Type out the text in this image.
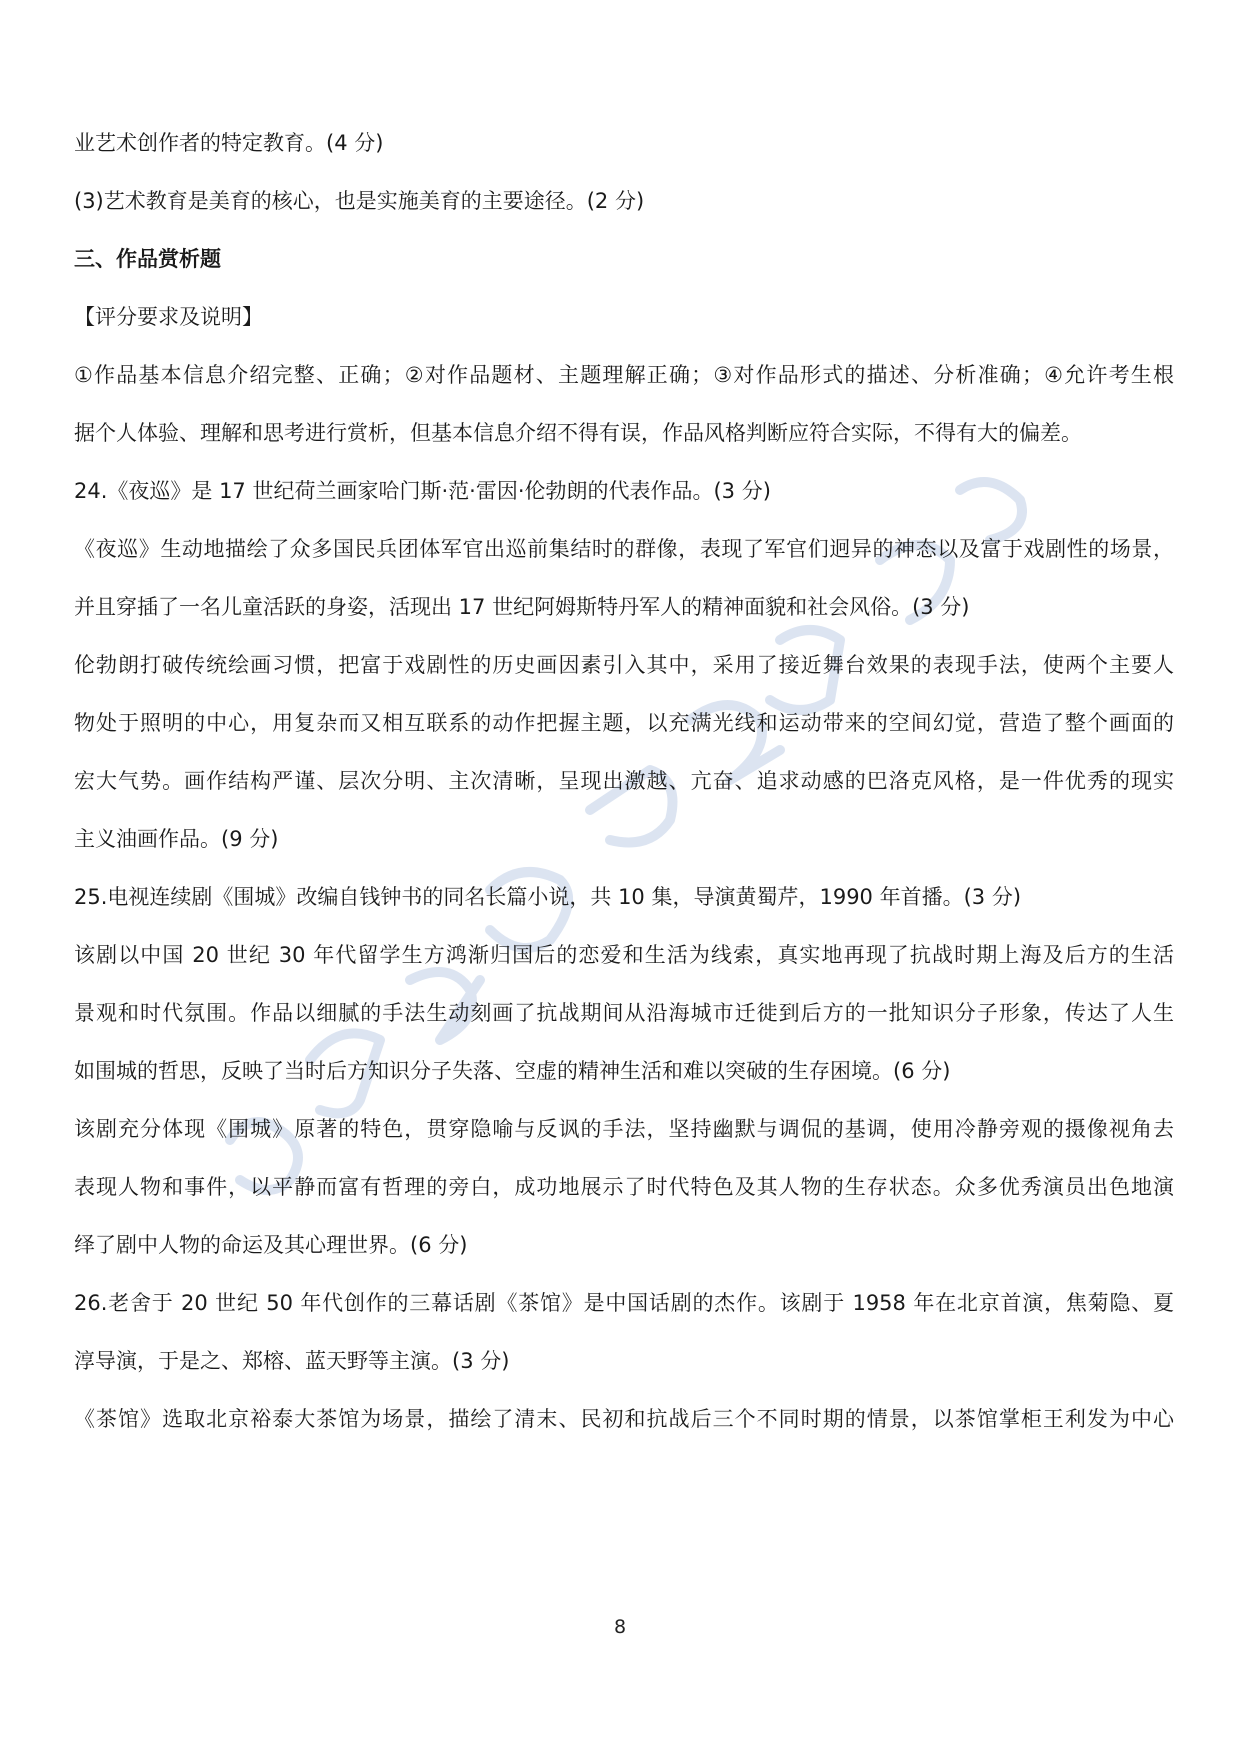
业艺术创作者的特定教育。(4 分)
(3)艺术教育是美育的核心，也是实施美育的主要途径。(2 分)
三、作品赏析题
【评分要求及说明】
①作品基本信息介绍完整、正确；②对作品题材、主题理解正确；③对作品形式的描述、分析准确；④允许考生根
据个人体验、理解和思考进行赏析，但基本信息介绍不得有误，作品风格判断应符合实际，不得有大的偏差。
24.《夜巡》是 17 世纪荷兰画家哈门斯·范·雷因·伦勃朗的代表作品。(3 分)
《夜巡》生动地描绘了众多国民兵团体军官出巡前集结时的群像，表现了军官们迥异的神态以及富于戏剧性的场景，
并且穿插了一名儿童活跃的身姿，活现出 17 世纪阿姆斯特丹军人的精神面貌和社会风俗。(3 分)
伦勃朗打破传统绘画习惯，把富于戏剧性的历史画因素引入其中，采用了接近舞台效果的表现手法，使两个主要人
物处于照明的中心，用复杂而又相互联系的动作把握主题，以充满光线和运动带来的空间幻觉，营造了整个画面的
宏大气势。画作结构严谨、层次分明、主次清晰，呈现出激越、亢奋、追求动感的巴洛克风格，是一件优秀的现实
主义油画作品。(9 分)
25.电视连续剧《围城》改编自钱钟书的同名长篇小说，共 10 集，导演黄蜀芹，1990 年首播。(3 分)
该剧以中国 20 世纪 30 年代留学生方鸿渐归国后的恋爱和生活为线索，真实地再现了抗战时期上海及后方的生活
景观和时代氛围。作品以细腻的手法生动刻画了抗战期间从沿海城市迁徙到后方的一批知识分子形象，传达了人生
如围城的哲思，反映了当时后方知识分子失落、空虚的精神生活和难以突破的生存困境。(6 分)
该剧充分体现《围城》原著的特色，贯穿隐喻与反讽的手法，坚持幽默与调侃的基调，使用冷静旁观的摄像视角去
表现人物和事件，以平静而富有哲理的旁白，成功地展示了时代特色及其人物的生存状态。众多优秀演员出色地演
绎了剧中人物的命运及其心理世界。(6 分)
26.老舍于 20 世纪 50 年代创作的三幕话剧《茶馆》是中国话剧的杰作。该剧于 1958 年在北京首演，焦菊隐、夏
淳导演，于是之、郑榕、蓝天野等主演。(3 分)
《茶馆》选取北京裕泰大茶馆为场景，描绘了清末、民初和抗战后三个不同时期的情景，以茶馆掌柜王利发为中心
8
